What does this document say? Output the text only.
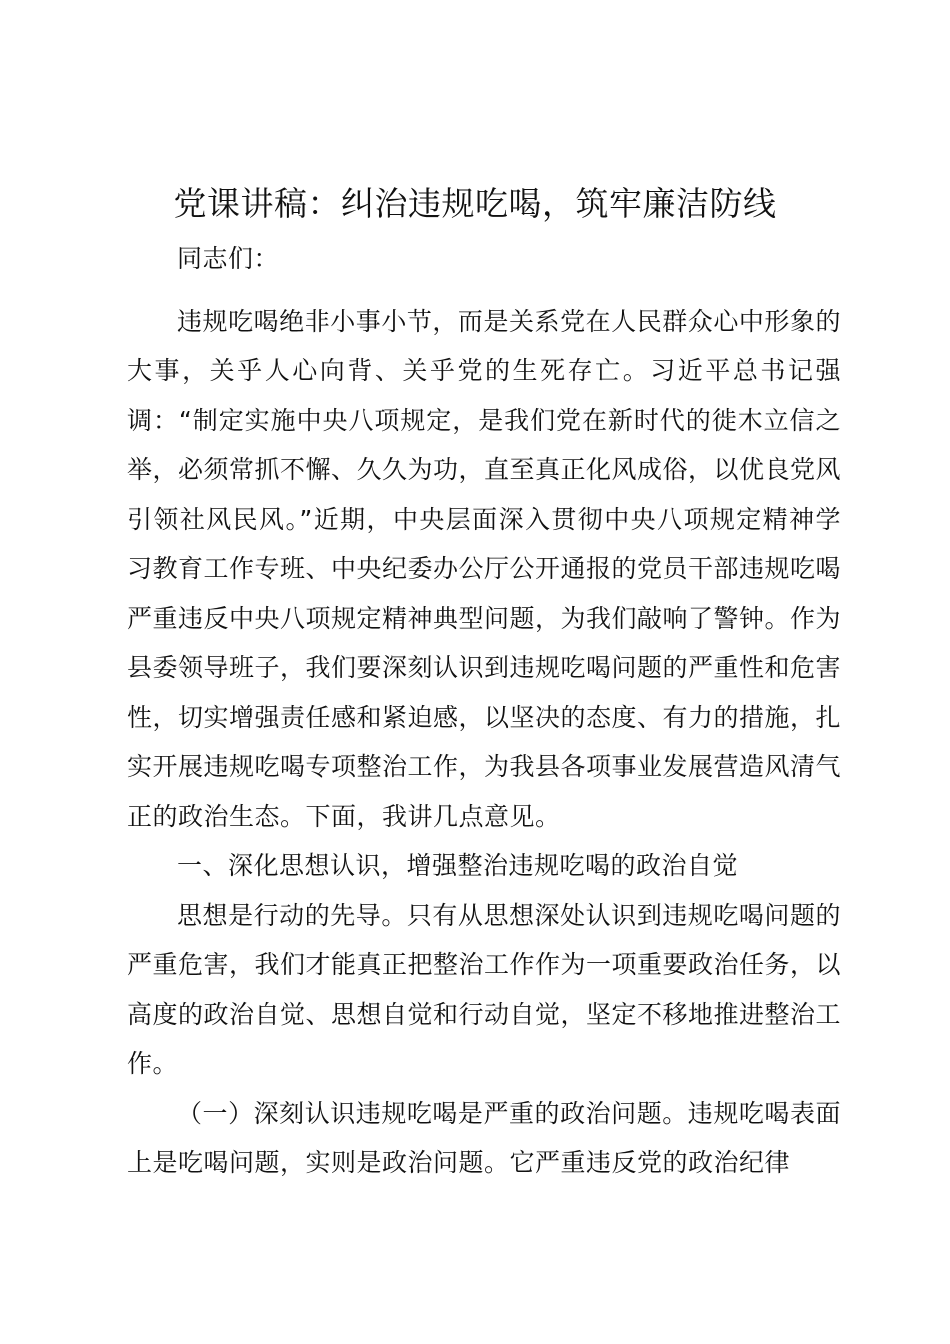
党课讲稿：纠治违规吃喝，筑牢廉洁防线

同志们：

违规吃喝绝非小事小节，而是关系党在人民群众心中形象的大事，关乎人心向背、关乎党的生死存亡。习近平总书记强调：“制定实施中央八项规定，是我们党在新时代的徙木立信之举，必须常抓不懈、久久为功，直至真正化风成俗，以优良党风引领社风民风。”近期，中央层面深入贯彻中央八项规定精神学习教育工作专班、中央纪委办公厅公开通报的党员干部违规吃喝严重违反中央八项规定精神典型问题，为我们敲响了警钟。作为县委领导班子，我们要深刻认识到违规吃喝问题的严重性和危害性，切实增强责任感和紧迫感，以坚决的态度、有力的措施，扎实开展违规吃喝专项整治工作，为我县各项事业发展营造风清气正的政治生态。下面，我讲几点意见。

一、深化思想认识，增强整治违规吃喝的政治自觉

思想是行动的先导。只有从思想深处认识到违规吃喝问题的严重危害，我们才能真正把整治工作作为一项重要政治任务，以高度的政治自觉、思想自觉和行动自觉，坚定不移地推进整治工作。

（一）深刻认识违规吃喝是严重的政治问题。违规吃喝表面上是吃喝问题，实则是政治问题。它严重违反党的政治纪律
